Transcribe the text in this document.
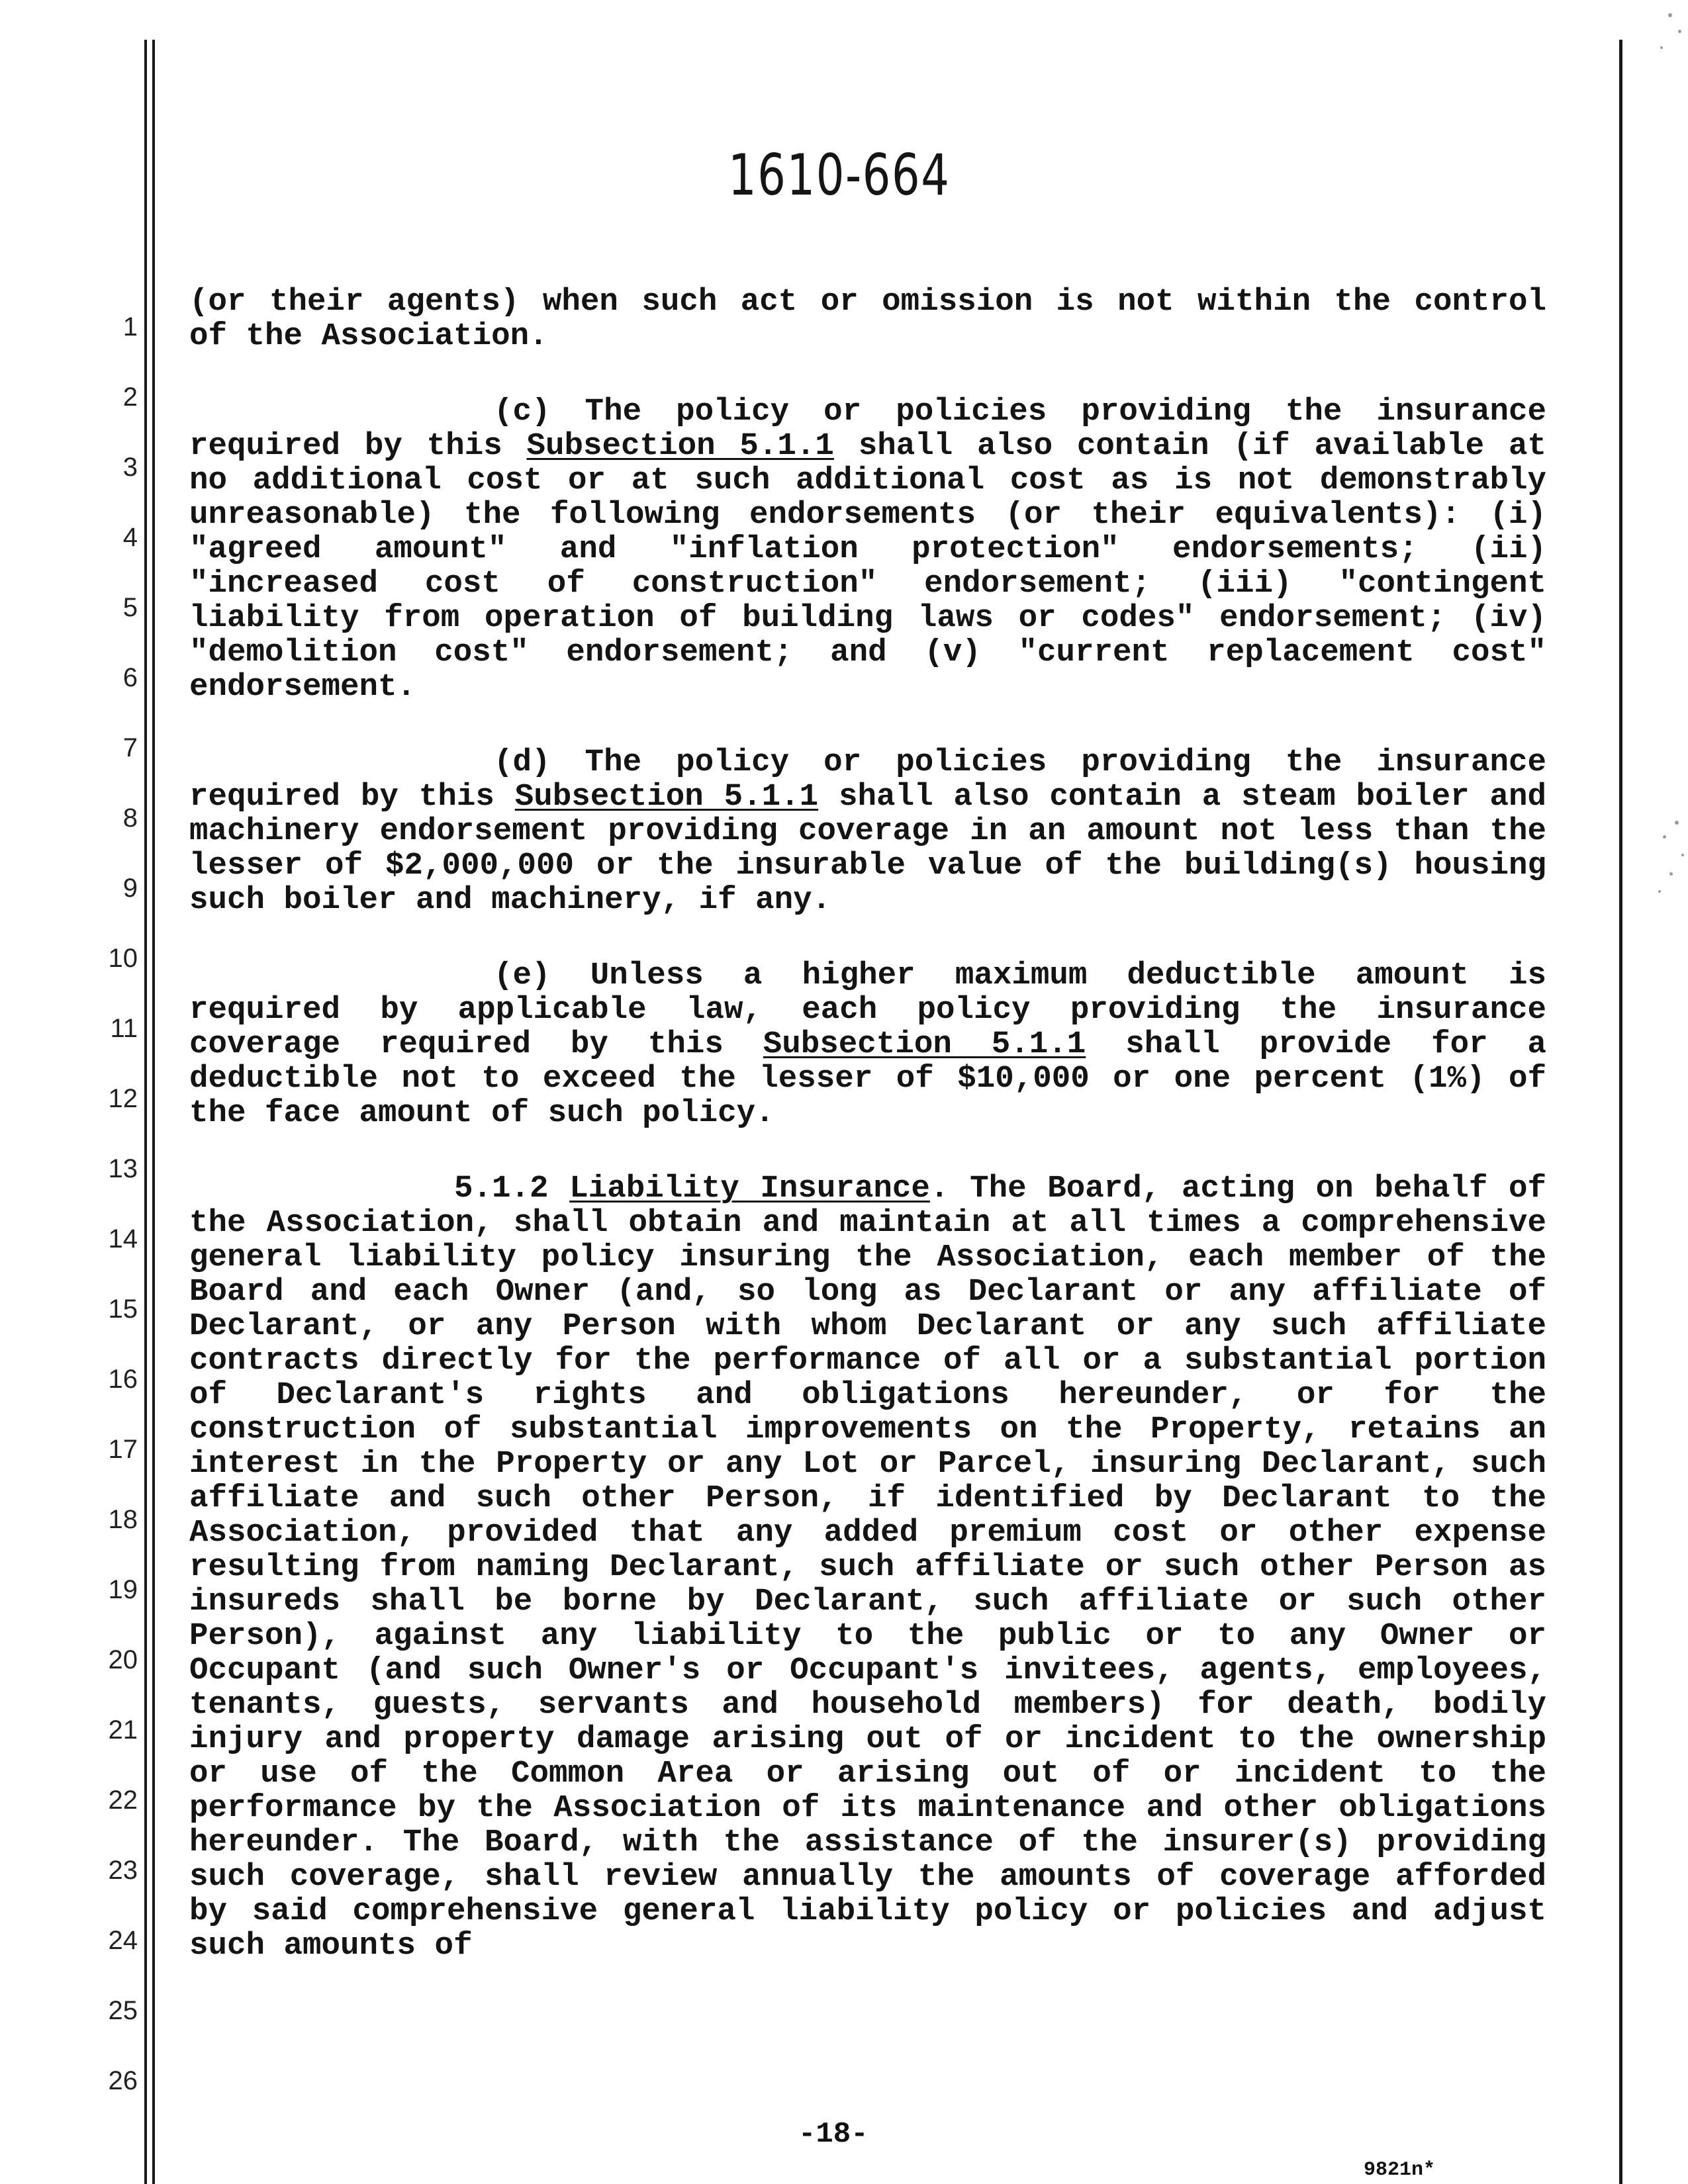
1610-664
1
2
3
4
5
6
7
8
9
10
11
12
13
14
15
16
17
18
19
20
21
22
23
24
25
26

(or their agents) when such act or omission is not within the control of the Association.

(c) The policy or policies providing the insurance required by this Subsection 5.1.1 shall also contain (if available at no additional cost or at such additional cost as is not demonstrably unreasonable) the following endorsements (or their equivalents): (i) "agreed amount" and "inflation protection" endorsements; (ii) "increased cost of construction" endorsement; (iii) "contingent liability from operation of building laws or codes" endorsement; (iv) "demolition cost" endorsement; and (v) "current replacement cost" endorsement.

(d) The policy or policies providing the insurance required by this Subsection 5.1.1 shall also contain a steam boiler and machinery endorsement providing coverage in an amount not less than the lesser of $2,000,000 or the insurable value of the building(s) housing such boiler and machinery, if any.

(e) Unless a higher maximum deductible amount is required by applicable law, each policy providing the insurance coverage required by this Subsection 5.1.1 shall provide for a deductible not to exceed the lesser of $10,000 or one percent (1%) of the face amount of such policy.

5.1.2 Liability Insurance. The Board, acting on behalf of the Association, shall obtain and maintain at all times a comprehensive general liability policy insuring the Association, each member of the Board and each Owner (and, so long as Declarant or any affiliate of Declarant, or any Person with whom Declarant or any such affiliate contracts directly for the performance of all or a substantial portion of Declarant's rights and obligations hereunder, or for the construction of substantial improvements on the Property, retains an interest in the Property or any Lot or Parcel, insuring Declarant, such affiliate and such other Person, if identified by Declarant to the Association, provided that any added premium cost or other expense resulting from naming Declarant, such affiliate or such other Person as insureds shall be borne by Declarant, such affiliate or such other Person), against any liability to the public or to any Owner or Occupant (and such Owner's or Occupant's invitees, agents, employees, tenants, guests, servants and household members) for death, bodily injury and property damage arising out of or incident to the ownership or use of the Common Area or arising out of or incident to the performance by the Association of its maintenance and other obligations hereunder. The Board, with the assistance of the insurer(s) providing such coverage, shall review annually the amounts of coverage afforded by said comprehensive general liability policy or policies and adjust such amounts of

-18-
9821n*
